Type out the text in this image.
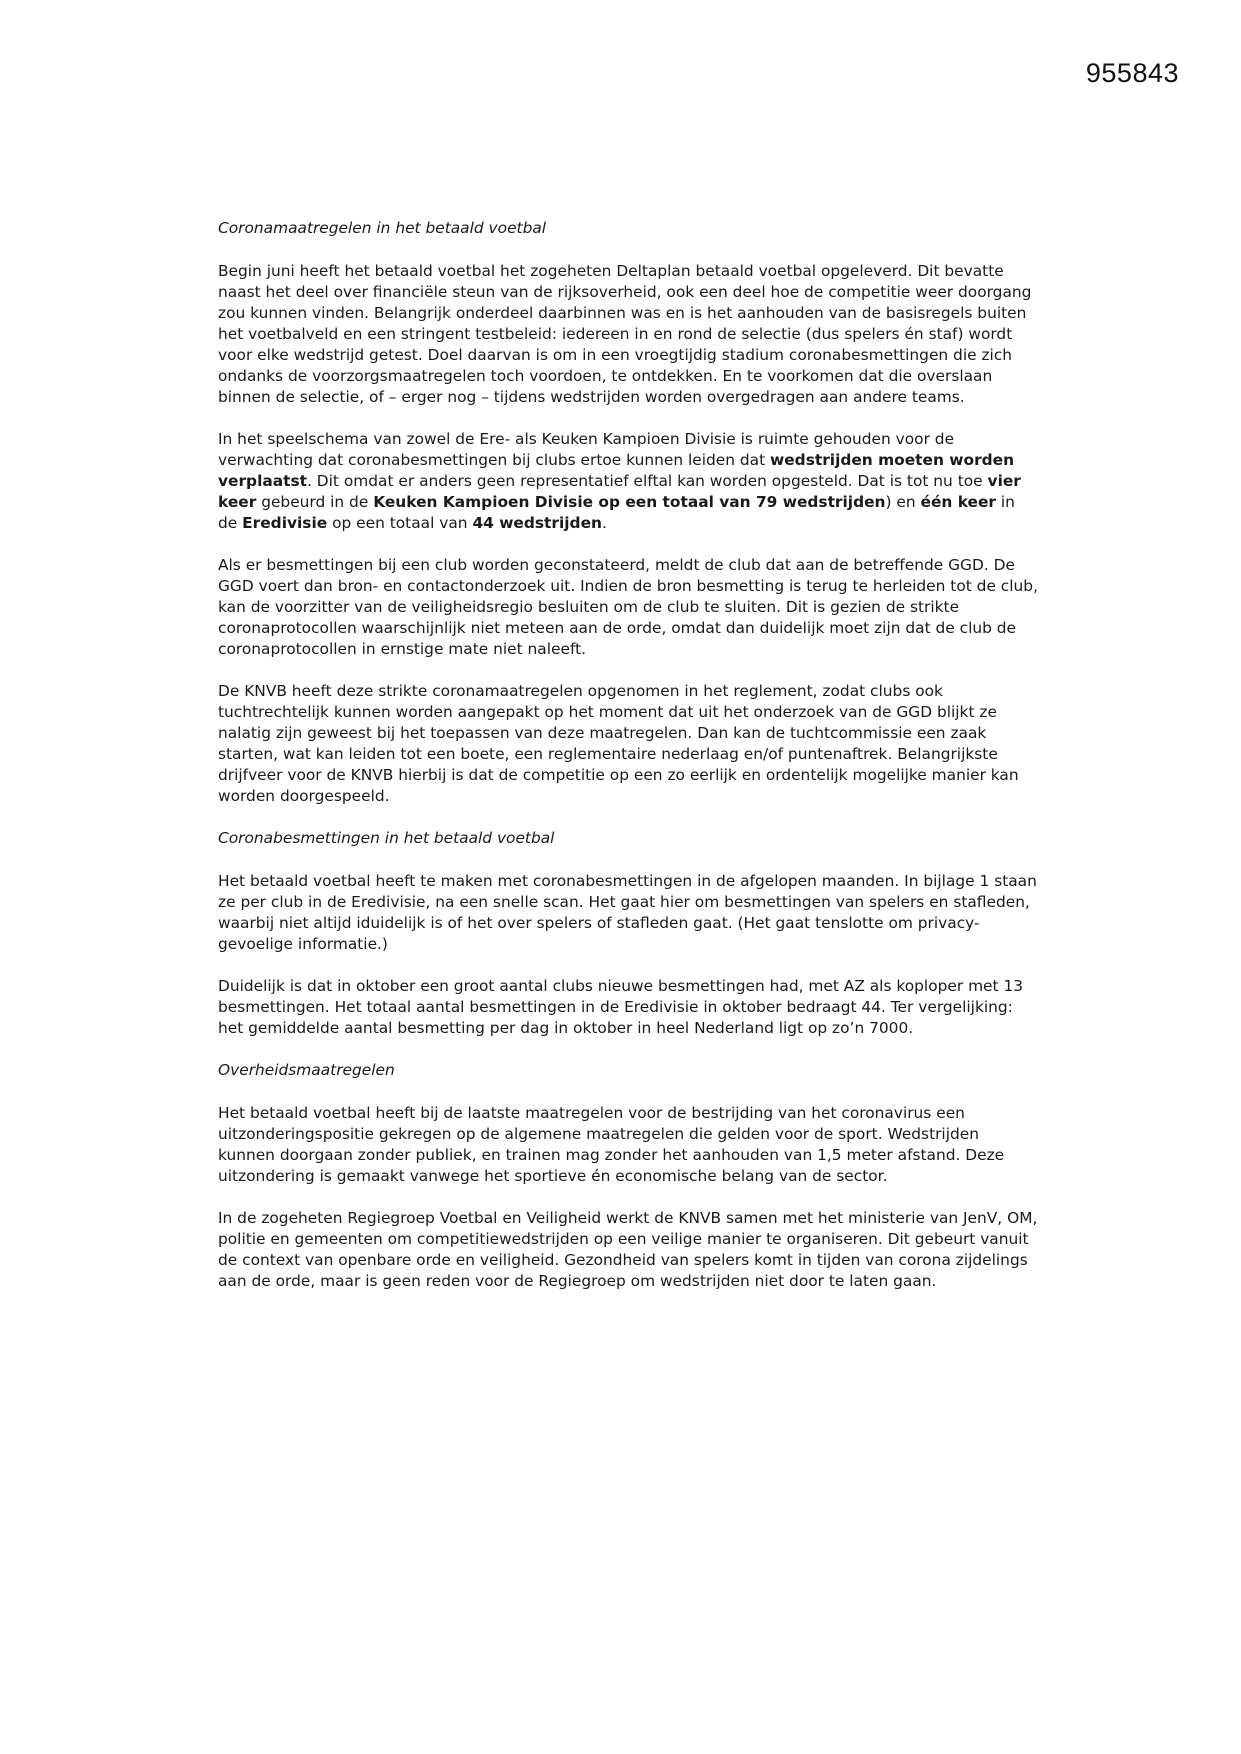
955843
Coronamaatregelen in het betaald voetbal

Begin juni heeft het betaald voetbal het zogeheten Deltaplan betaald voetbal opgeleverd. Dit bevatte naast het deel over financiële steun van de rijksoverheid, ook een deel hoe de competitie weer doorgang zou kunnen vinden. Belangrijk onderdeel daarbinnen was en is het aanhouden van de basisregels buiten het voetbalveld en een stringent testbeleid: iedereen in en rond de selectie (dus spelers én staf) wordt voor elke wedstrijd getest. Doel daarvan is om in een vroegtijdig stadium coronabesmettingen die zich ondanks de voorzorgsmaatregelen toch voordoen, te ontdekken. En te voorkomen dat die overslaan binnen de selectie, of – erger nog – tijdens wedstrijden worden overgedragen aan andere teams.

In het speelschema van zowel de Ere- als Keuken Kampioen Divisie is ruimte gehouden voor de verwachting dat coronabesmettingen bij clubs ertoe kunnen leiden dat wedstrijden moeten worden verplaatst. Dit omdat er anders geen representatief elftal kan worden opgesteld. Dat is tot nu toe vier keer gebeurd in de Keuken Kampioen Divisie op een totaal van 79 wedstrijden) en één keer in de Eredivisie op een totaal van 44 wedstrijden.

Als er besmettingen bij een club worden geconstateerd, meldt de club dat aan de betreffende GGD. De GGD voert dan bron- en contactonderzoek uit. Indien de bron besmetting is terug te herleiden tot de club, kan de voorzitter van de veiligheidsregio besluiten om de club te sluiten. Dit is gezien de strikte coronaprotocollen waarschijnlijk niet meteen aan de orde, omdat dan duidelijk moet zijn dat de club de coronaprotocollen in ernstige mate niet naleeft.

De KNVB heeft deze strikte coronamaatregelen opgenomen in het reglement, zodat clubs ook tuchtrechtelijk kunnen worden aangepakt op het moment dat uit het onderzoek van de GGD blijkt ze nalatig zijn geweest bij het toepassen van deze maatregelen. Dan kan de tuchtcommissie een zaak starten, wat kan leiden tot een boete, een reglementaire nederlaag en/of puntenaftrek. Belangrijkste drijfveer voor de KNVB hierbij is dat de competitie op een zo eerlijk en ordentelijk mogelijke manier kan worden doorgespeeld.

Coronabesmettingen in het betaald voetbal

Het betaald voetbal heeft te maken met coronabesmettingen in de afgelopen maanden. In bijlage 1 staan ze per club in de Eredivisie, na een snelle scan. Het gaat hier om besmettingen van spelers en stafleden, waarbij niet altijd iduidelijk is of het over spelers of stafleden gaat. (Het gaat tenslotte om privacy-gevoelige informatie.)

Duidelijk is dat in oktober een groot aantal clubs nieuwe besmettingen had, met AZ als koploper met 13 besmettingen. Het totaal aantal besmettingen in de Eredivisie in oktober bedraagt 44. Ter vergelijking: het gemiddelde aantal besmetting per dag in oktober in heel Nederland ligt op zo’n 7000.

Overheidsmaatregelen

Het betaald voetbal heeft bij de laatste maatregelen voor de bestrijding van het coronavirus een uitzonderingspositie gekregen op de algemene maatregelen die gelden voor de sport. Wedstrijden kunnen doorgaan zonder publiek, en trainen mag zonder het aanhouden van 1,5 meter afstand. Deze uitzondering is gemaakt vanwege het sportieve én economische belang van de sector.

In de zogeheten Regiegroep Voetbal en Veiligheid werkt de KNVB samen met het ministerie van JenV, OM, politie en gemeenten om competitiewedstrijden op een veilige manier te organiseren. Dit gebeurt vanuit de context van openbare orde en veiligheid. Gezondheid van spelers komt in tijden van corona zijdelings aan de orde, maar is geen reden voor de Regiegroep om wedstrijden niet door te laten gaan.
